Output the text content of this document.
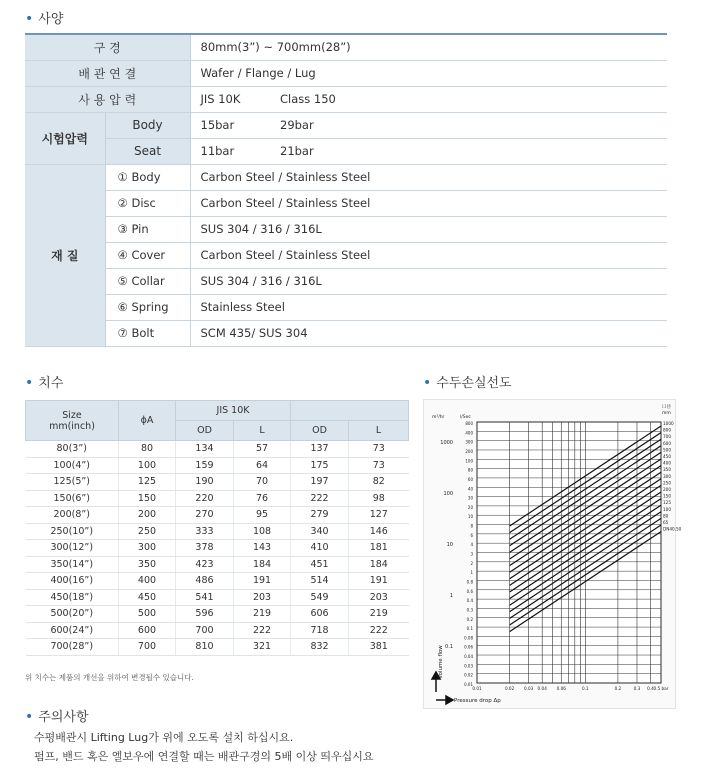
• 사양
구 경		80mm(3”) ~ 700mm(28”)	
배 관 연 결		Wafer / Flange / Lug	
사 용 압 력		JIS 10K	Class 150
시험압력	Body	15bar	29bar
	Seat	11bar	21bar
재 질	① Body	Carbon Steel / Stainless Steel	
	② Disc	Carbon Steel / Stainless Steel	
	③ Pin	SUS 304 / 316 / 316L	
	④ Cover	Carbon Steel / Stainless Steel	
	⑤ Collar	SUS 304 / 316 / 316L	
	⑥ Spring	Stainless Steel	
	⑦ Bolt	SCM 435/ SUS 304	
• 치수
Size
mm(inch)	ϕA	JIS 10K			
		OD	L	OD	L
80(3”)	80	134	57	137	73
100(4”)	100	159	64	175	73
125(5”)	125	190	70	197	82
150(6”)	150	220	76	222	98
200(8”)	200	270	95	279	127
250(10”)	250	333	108	340	146
300(12”)	300	378	143	410	181
350(14”)	350	423	184	451	184
400(16”)	400	486	191	514	191
450(18”)	450	541	203	549	203
500(20”)	500	596	219	606	219
600(24”)	600	700	222	718	222
700(28”)	700	810	321	832	381
위 치수는 제품의 개선을 위하여 변경될수 있습니다.
• 수두손실선도
m³/hr	l/Sec
口径
mm
1000
100
10
1
0.1
800
400
300
200
100
80
60
40
30
20
10
8
6
4
3
2
1
0.8
0.6
0.4
0.3
0.2
0.1
0.08
0.06
0.04
0.03
0.02
0.01
1000
800
700
600
500
450
400
350
300
250
200
150
125
100
80
65
DN40,50
0.01	0.02 0.03 0.04 0.06	0.1	0.2	0.3 0.4 0.5 bar
Volume flow
Pressure drop Δp
• 주의사항
수평배관시 Lifting Lug가 위에 오도록 설치 하십시요.
펌프, 밴드 혹은 엘보우에 연결할 때는 배관구경의 5배 이상 띄우십시요
